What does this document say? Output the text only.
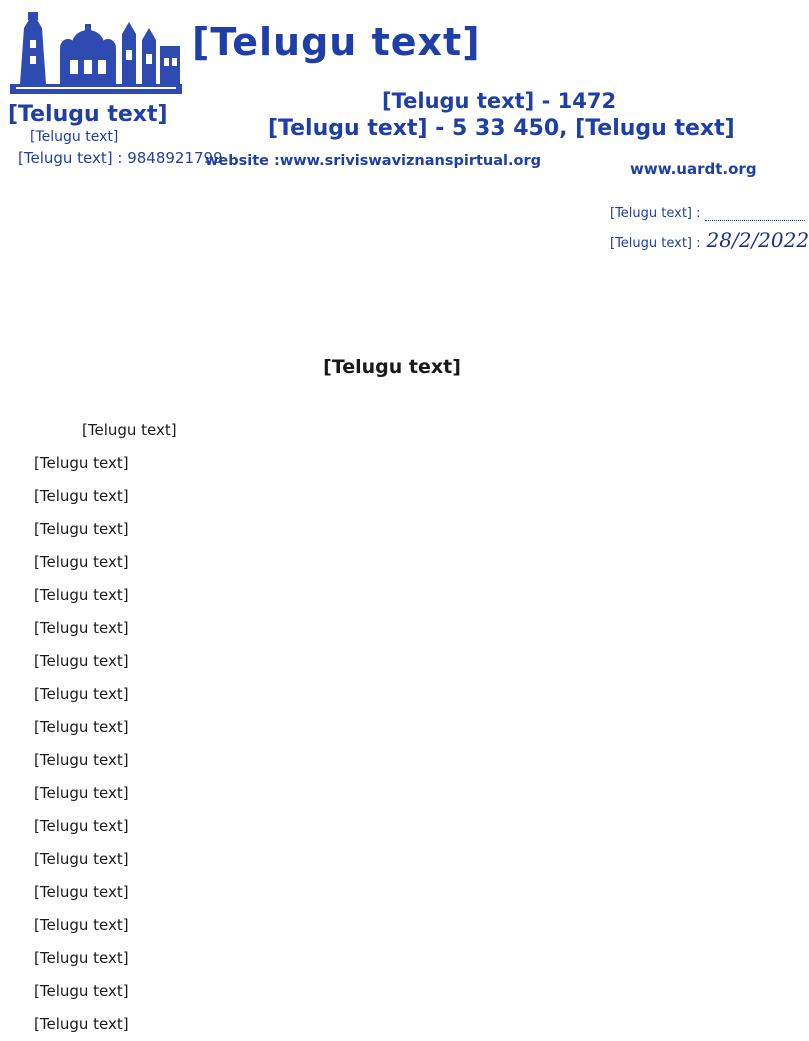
[Telugu text]
[Telugu text] - 1472
[Telugu text] - 5 33 450, [Telugu text]
[Telugu text]
[Telugu text]
[Telugu text] : 9848921799
website :www.sriviswaviznanspirtual.org	www.uardt.org
[Telugu text] :
[Telugu text] : 28/2/2022
[Telugu text]
[Telugu text]
[Telugu text]
[Telugu text]
[Telugu text]
[Telugu text]
[Telugu text]
[Telugu text]
[Telugu text]
[Telugu text]
[Telugu text]
[Telugu text]
[Telugu text]
[Telugu text]
[Telugu text]
[Telugu text]
[Telugu text]
[Telugu text]
[Telugu text]
[Telugu text]
